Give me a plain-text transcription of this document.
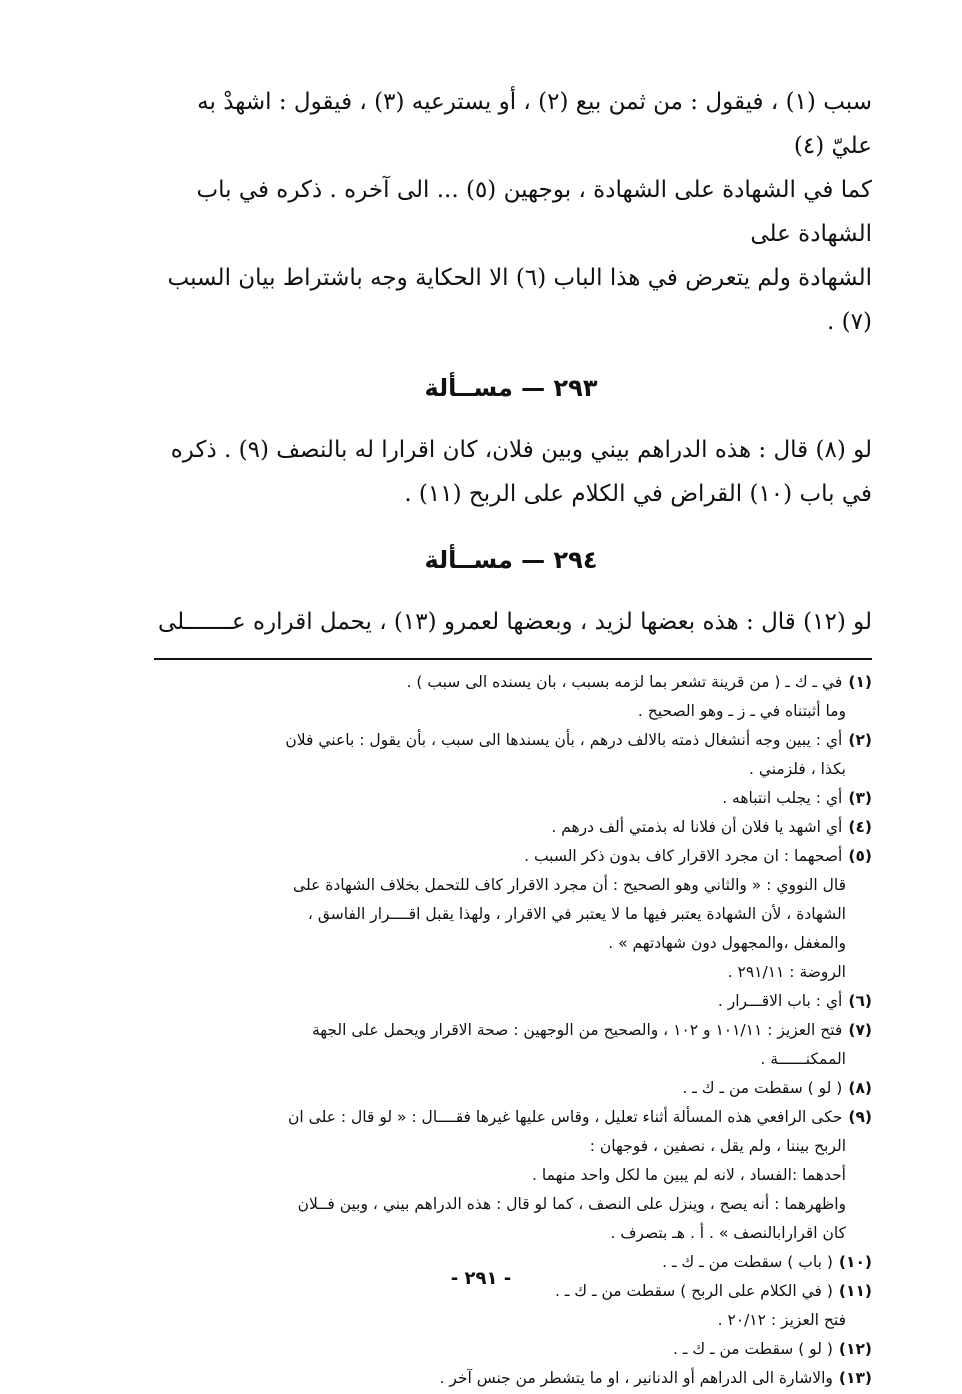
سبب (١) ، فيقول : من ثمن بيع (٢) ، أو يسترعيه (٣) ، فيقول : اشهدْ به عليّ (٤)

كما في الشهادة على الشهادة ، بوجهين (٥) ... الى آخره . ذكره في باب الشهادة على

الشهادة ولم يتعرض في هذا الباب (٦) الا الحكاية وجه باشتراط بيان السبب (٧) .

٢٩٣ — مســألة

لو (٨) قال : هذه الدراهم بيني وبين فلان، كان اقرارا له بالنصف (٩) . ذكره

في باب (١٠) القراض في الكلام على الربح (١١) .

٢٩٤ — مســألة

لو (١٢) قال : هذه بعضها لزيد ، وبعضها لعمرو (١٣) ، يحمل اقراره عـــــــلى

(١)في ـ ك ـ ( من قرينة تشعر بما لزمه بسبب ، بان يسنده الى سبب ) .
وما أثبتناه في ـ ز ـ وهو الصحيح .
(٢)أي : يبين وجه أنشغال ذمته بالالف درهم ، بأن يسندها الى سبب ، بأن يقول : باعني فلان
بكذا ، فلزمني .
(٣)أي : يجلب انتباهه .
(٤)أي اشهد يا فلان أن فلانا له بذمتي ألف درهم .
(٥)أصحهما : ان مجرد الاقرار كاف بدون ذكر السبب .
قال النووي : « والثاني وهو الصحيح : أن مجرد الاقرار كاف للتحمل بخلاف الشهادة على
الشهادة ، لأن الشهادة يعتبر فيها ما لا يعتبر في الاقرار ، ولهذا يقبل اقــــرار الفاسق ،
والمغفل ،والمجهول دون شهادتهم » .
الروضة : ٢٩١/١١ .
(٦)أي : باب الاقـــرار .
(٧)فتح العزيز : ١٠١/١١ و ١٠٢ ، والصحيح من الوجهين : صحة الاقرار ويحمل على الجهة
الممكنــــــة .
(٨)( لو ) سقطت من ـ ك ـ .
(٩)حكى الرافعي هذه المسألة أثناء تعليل ، وقاس عليها غيرها فقــــال : « لو قال : على ان
الربح بيننا ، ولم يقل ، نصفين ، فوجهان :
أحدهما :الفساد ، لانه لم يبين ما لكل واحد منهما .
واظهرهما : أنه يصح ، وينزل على النصف ، كما لو قال : هذه الدراهم بيني ، وبين فــلان
كان اقرارابالنصف » . أ . هـ بتصرف .
(١٠)( باب ) سقطت من ـ ك ـ .
(١١)( في الكلام على الربح ) سقطت من ـ ك ـ .
فتح العزيز : ٢٠/١٢ .
(١٢)( لو ) سقطت من ـ ك ـ .
(١٣)والاشارة الى الدراهم أو الدنانير ، او ما يتشطر من جنس آخر .
- ٢٩١ -
